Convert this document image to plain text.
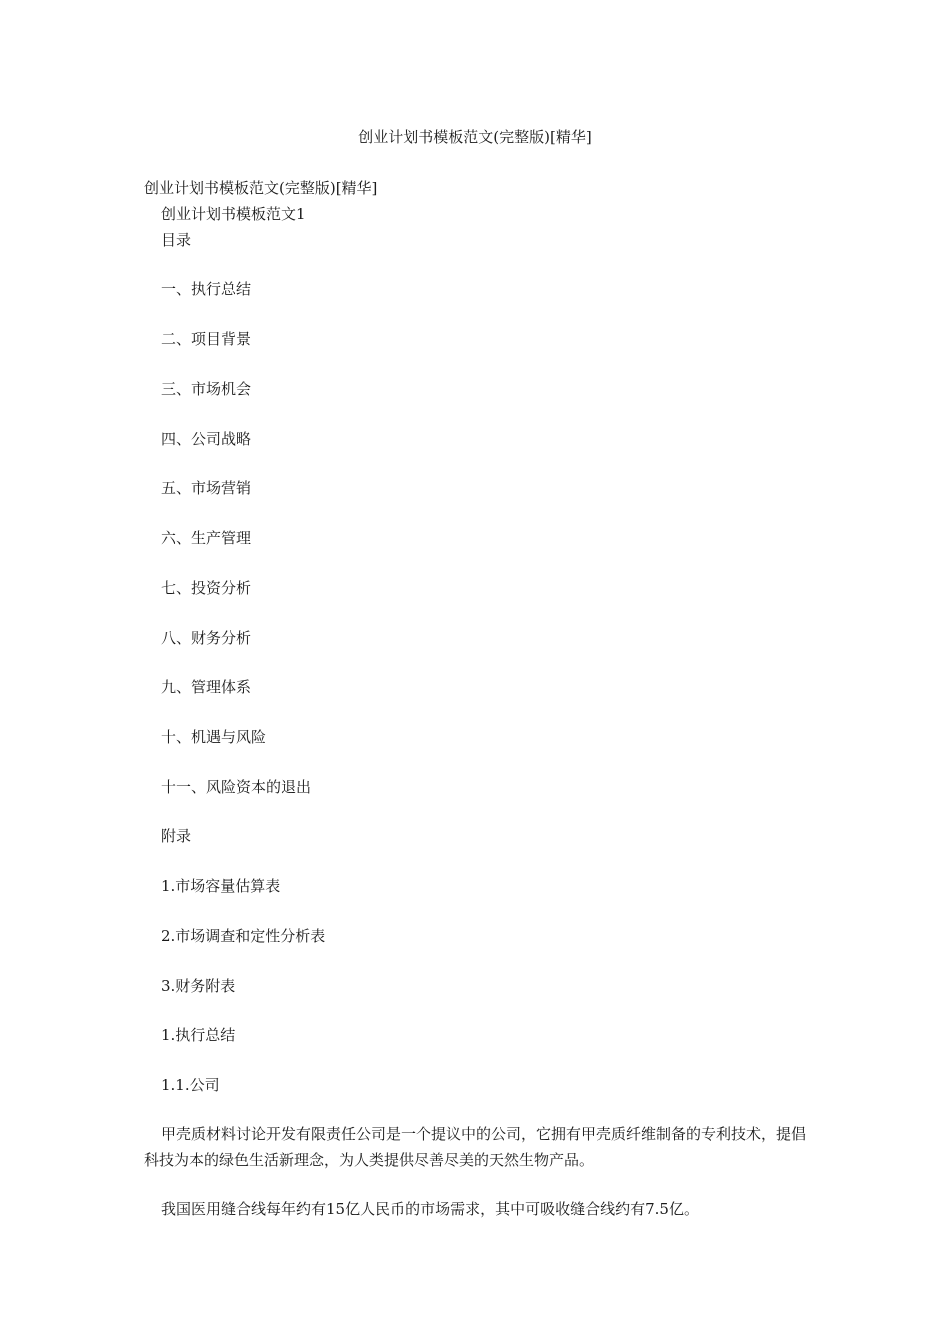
创业计划书模板范文(完整版)[精华]
创业计划书模板范文(完整版)[精华]
创业计划书模板范文1
目录
一、执行总结
二、项目背景
三、市场机会
四、公司战略
五、市场营销
六、生产管理
七、投资分析
八、财务分析
九、管理体系
十、机遇与风险
十一、风险资本的退出
附录
1.市场容量估算表
2.市场调查和定性分析表
3.财务附表
1.执行总结
1.1.公司
甲壳质材料讨论开发有限责任公司是一个提议中的公司，它拥有甲壳质纤维制备的专利技术，提倡科技为本的绿色生活新理念，为人类提供尽善尽美的天然生物产品。
我国医用缝合线每年约有15亿人民币的市场需求，其中可吸收缝合线约有7.5亿。
